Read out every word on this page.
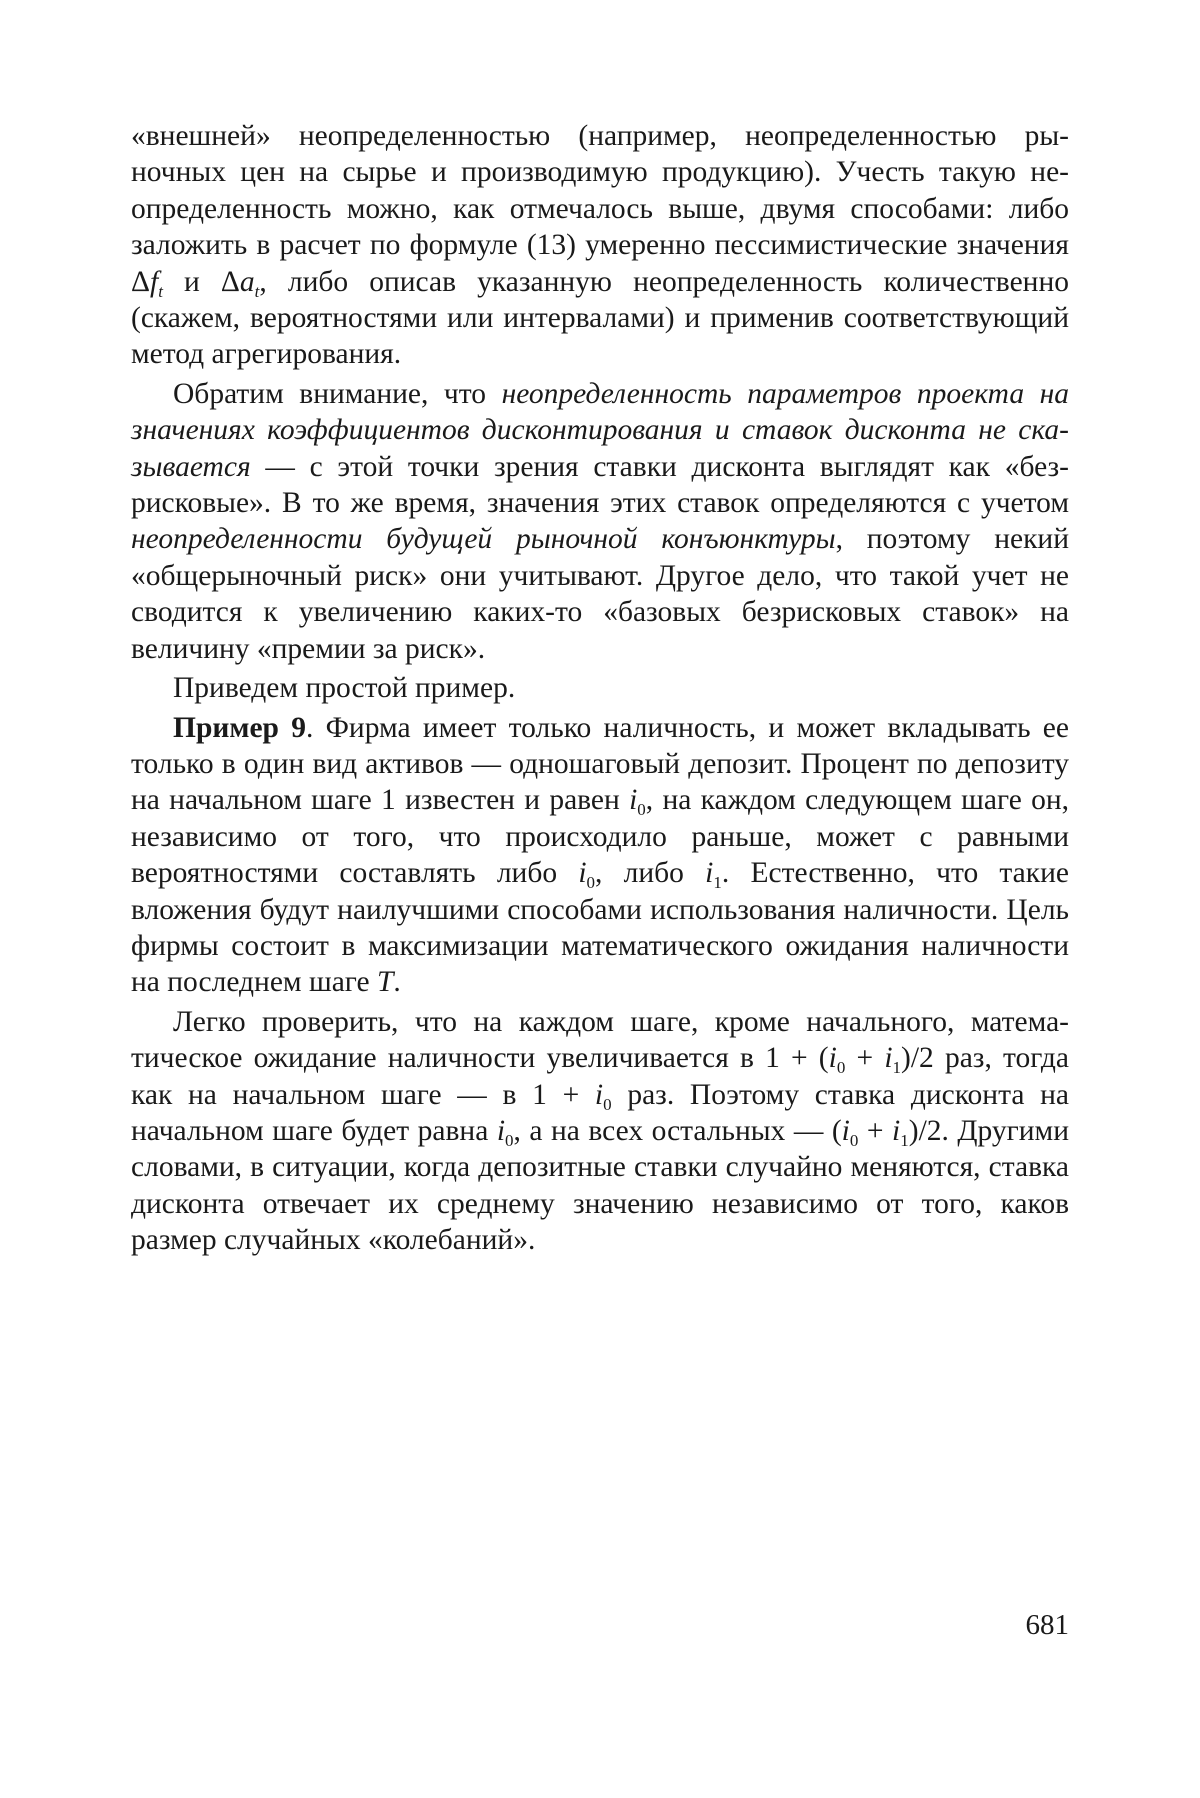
«внешней» неопределенностью (например, неопределенностью рыночных цен на сырье и производимую продукцию). Учесть такую неопределенность можно, как отмечалось выше, двумя способами: либо заложить в расчет по формуле (13) умеренно пессимистические значения $\Delta f_t$ и $\Delta a_t$, либо описав указанную неопределенность количественно (скажем, вероятностями или интервалами) и применив соответствующий метод агрегирования.

Обратим внимание, что неопределенность параметров проекта на значениях коэффициентов дисконтирования и ставок дисконта не сказывается — с этой точки зрения ставки дисконта выглядят как «безрисковые». В то же время, значения этих ставок определяются с учетом неопределенности будущей рыночной конъюнктуры, поэтому некий «общерыночный риск» они учитывают. Другое дело, что такой учет не сводится к увеличению каких-то «базовых безрисковых ставок» на величину «премии за риск».

Приведем простой пример.

Пример 9. Фирма имеет только наличность, и может вкладывать ее только в один вид активов — одношаговый депозит. Процент по депозиту на начальном шаге 1 известен и равен $i_0$, на каждом следующем шаге он, независимо от того, что происходило раньше, может с равными вероятностями составлять либо $i_0$, либо $i_1$. Естественно, что такие вложения будут наилучшими способами использования наличности. Цель фирмы состоит в максимизации математического ожидания наличности на последнем шаге T.

Легко проверить, что на каждом шаге, кроме начального, математическое ожидание наличности увеличивается в $1 + (i_0 + i_1)/2$ раз, тогда как на начальном шаге — в $1 + i_0$ раз. Поэтому ставка дисконта на начальном шаге будет равна $i_0$, а на всех остальных — $(i_0 + i_1)/2$. Другими словами, в ситуации, когда депозитные ставки случайно меняются, ставка дисконта отвечает их среднему значению независимо от того, каков размер случайных «колебаний».

681
